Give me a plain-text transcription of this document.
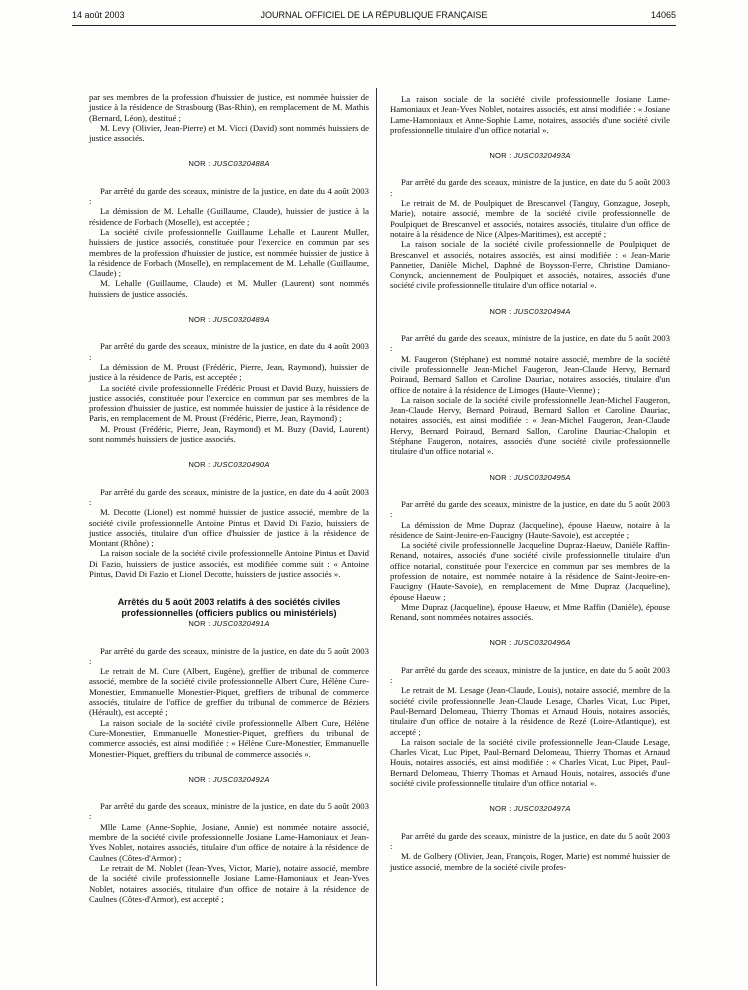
14 août 2003	JOURNAL OFFICIEL DE LA RÉPUBLIQUE FRANÇAISE	14065

par ses membres de la profession d'huissier de justice, est nommée huissier de justice à la résidence de Strasbourg (Bas-Rhin), en remplacement de M. Mathis (Bernard, Léon), destitué ;

M. Levy (Olivier, Jean-Pierre) et M. Vicci (David) sont nommés huissiers de justice associés.

NOR : JUSC0320488A

Par arrêté du garde des sceaux, ministre de la justice, en date du 4 août 2003 :

La démission de M. Lehalle (Guillaume, Claude), huissier de justice à la résidence de Forbach (Moselle), est acceptée ;

La société civile professionnelle Guillaume Lehalle et Laurent Muller, huissiers de justice associés, constituée pour l'exercice en commun par ses membres de la profession d'huissier de justice, est nommée huissier de justice à la résidence de Forbach (Moselle), en remplacement de M. Lehalle (Guillaume, Claude) ;

M. Lehalle (Guillaume, Claude) et M. Muller (Laurent) sont nommés huissiers de justice associés.

NOR : JUSC0320489A

Par arrêté du garde des sceaux, ministre de la justice, en date du 4 août 2003 :

La démission de M. Proust (Frédéric, Pierre, Jean, Raymond), huissier de justice à la résidence de Paris, est acceptée ;

La société civile professionnelle Frédéric Proust et David Buzy, huissiers de justice associés, constituée pour l'exercice en commun par ses membres de la profession d'huissier de justice, est nommée huissier de justice à la résidence de Paris, en remplacement de M. Proust (Frédéric, Pierre, Jean, Raymond) ;

M. Proust (Frédéric, Pierre, Jean, Raymond) et M. Buzy (David, Laurent) sont nommés huissiers de justice associés.

NOR : JUSC0320490A

Par arrêté du garde des sceaux, ministre de la justice, en date du 4 août 2003 :

M. Decotte (Lionel) est nommé huissier de justice associé, membre de la société civile professionnelle Antoine Pintus et David Di Fazio, huissiers de justice associés, titulaire d'un office d'huissier de justice à la résidence de Montant (Rhône) ;

La raison sociale de la société civile professionnelle Antoine Pintus et David Di Fazio, huissiers de justice associés, est modifiée comme suit : « Antoine Pintus, David Di Fazio et Lionel Decotte, huissiers de justice associés ».

Arrêtés du 5 août 2003 relatifs à des sociétés civiles professionnelles (officiers publics ou ministériels)
NOR : JUSC0320491A

Par arrêté du garde des sceaux, ministre de la justice, en date du 5 août 2003 :

Le retrait de M. Cure (Albert, Eugène), greffier de tribunal de commerce associé, membre de la société civile professionnelle Albert Cure, Hélène Cure-Monestier, Emmanuelle Monestier-Piquet, greffiers de tribunal de commerce associés, titulaire de l'office de greffier du tribunal de commerce de Béziers (Hérault), est accepté ;

La raison sociale de la société civile professionnelle Albert Cure, Hélène Cure-Monestier, Emmanuelle Monestier-Piquet, greffiers du tribunal de commerce associés, est ainsi modifiée : « Hélène Cure-Monestier, Emmanuelle Monestier-Piquet, greffiers du tribunal de commerce associés ».

NOR : JUSC0320492A

Par arrêté du garde des sceaux, ministre de la justice, en date du 5 août 2003 :

Mlle Lame (Anne-Sophie, Josiane, Annie) est nommée notaire associé, membre de la société civile professionnelle Josiane Lame-Hamoniaux et Jean-Yves Noblet, notaires associés, titulaire d'un office de notaire à la résidence de Caulnes (Côtes-d'Armor) ;

Le retrait de M. Noblet (Jean-Yves, Victor, Marie), notaire associé, membre de la société civile professionnelle Josiane Lame-Hamoniaux et Jean-Yves Noblet, notaires associés, titulaire d'un office de notaire à la résidence de Caulnes (Côtes-d'Armor), est accepté ;

La raison sociale de la société civile professionnelle Josiane Lame-Hamoniaux et Jean-Yves Noblet, notaires associés, est ainsi modifiée : « Josiane Lame-Hamoniaux et Anne-Sophie Lame, notaires, associés d'une société civile professionnelle titulaire d'un office notarial ».

NOR : JUSC0320493A

Par arrêté du garde des sceaux, ministre de la justice, en date du 5 août 2003 :

Le retrait de M. de Poulpiquet de Brescanvel (Tanguy, Gonzague, Joseph, Marie), notaire associé, membre de la société civile professionnelle de Poulpiquet de Brescanvel et associés, notaires associés, titulaire d'un office de notaire à la résidence de Nice (Alpes-Maritimes), est accepté ;

La raison sociale de la société civile professionnelle de Poulpiquet de Brescanvel et associés, notaires associés, est ainsi modifiée : « Jean-Marie Pannetier, Danièle Michel, Daphné de Boysson-Ferre, Christine Damiano-Conynck, anciennement de Poulpiquet et associés, notaires, associés d'une société civile professionnelle titulaire d'un office notarial ».

NOR : JUSC0320494A

Par arrêté du garde des sceaux, ministre de la justice, en date du 5 août 2003 :

M. Faugeron (Stéphane) est nommé notaire associé, membre de la société civile professionnelle Jean-Michel Faugeron, Jean-Claude Hervy, Bernard Poiraud, Bernard Sallon et Caroline Dauriac, notaires associés, titulaire d'un office de notaire à la résidence de Limoges (Haute-Vienne) ;

La raison sociale de la société civile professionnelle Jean-Michel Faugeron, Jean-Claude Hervy, Bernard Poiraud, Bernard Sallon et Caroline Dauriac, notaires associés, est ainsi modifiée : « Jean-Michel Faugeron, Jean-Claude Hervy, Bernard Poiraud, Bernard Sallon, Caroline Dauriac-Chalopin et Stéphane Faugeron, notaires, associés d'une société civile professionnelle titulaire d'un office notarial ».

NOR : JUSC0320495A

Par arrêté du garde des sceaux, ministre de la justice, en date du 5 août 2003 :

La démission de Mme Dupraz (Jacqueline), épouse Haeuw, notaire à la résidence de Saint-Jeoire-en-Faucigny (Haute-Savoie), est acceptée ;

La société civile professionnelle Jacqueline Dupraz-Haeuw, Danièle Raffin-Renand, notaires, associés d'une société civile professionnelle titulaire d'un office notarial, constituée pour l'exercice en commun par ses membres de la profession de notaire, est nommée notaire à la résidence de Saint-Jeoire-en-Faucigny (Haute-Savoie), en remplacement de Mme Dupraz (Jacqueline), épouse Haeuw ;

Mme Dupraz (Jacqueline), épouse Haeuw, et Mme Raffin (Danièle), épouse Renand, sont nommées notaires associés.

NOR : JUSC0320496A

Par arrêté du garde des sceaux, ministre de la justice, en date du 5 août 2003 :

Le retrait de M. Lesage (Jean-Claude, Louis), notaire associé, membre de la société civile professionnelle Jean-Claude Lesage, Charles Vicat, Luc Pipet, Paul-Bernard Delomeau, Thierry Thomas et Arnaud Houis, notaires associés, titulaire d'un office de notaire à la résidence de Rezé (Loire-Atlantique), est accepté ;

La raison sociale de la société civile professionnelle Jean-Claude Lesage, Charles Vicat, Luc Pipet, Paul-Bernard Delomeau, Thierry Thomas et Arnaud Houis, notaires associés, est ainsi modifiée : « Charles Vicat, Luc Pipet, Paul-Bernard Delomeau, Thierry Thomas et Arnaud Houis, notaires, associés d'une société civile professionnelle titulaire d'un office notarial ».

NOR : JUSC0320497A

Par arrêté du garde des sceaux, ministre de la justice, en date du 5 août 2003 :

M. de Golbery (Olivier, Jean, François, Roger, Marie) est nommé huissier de justice associé, membre de la société civile profes-
